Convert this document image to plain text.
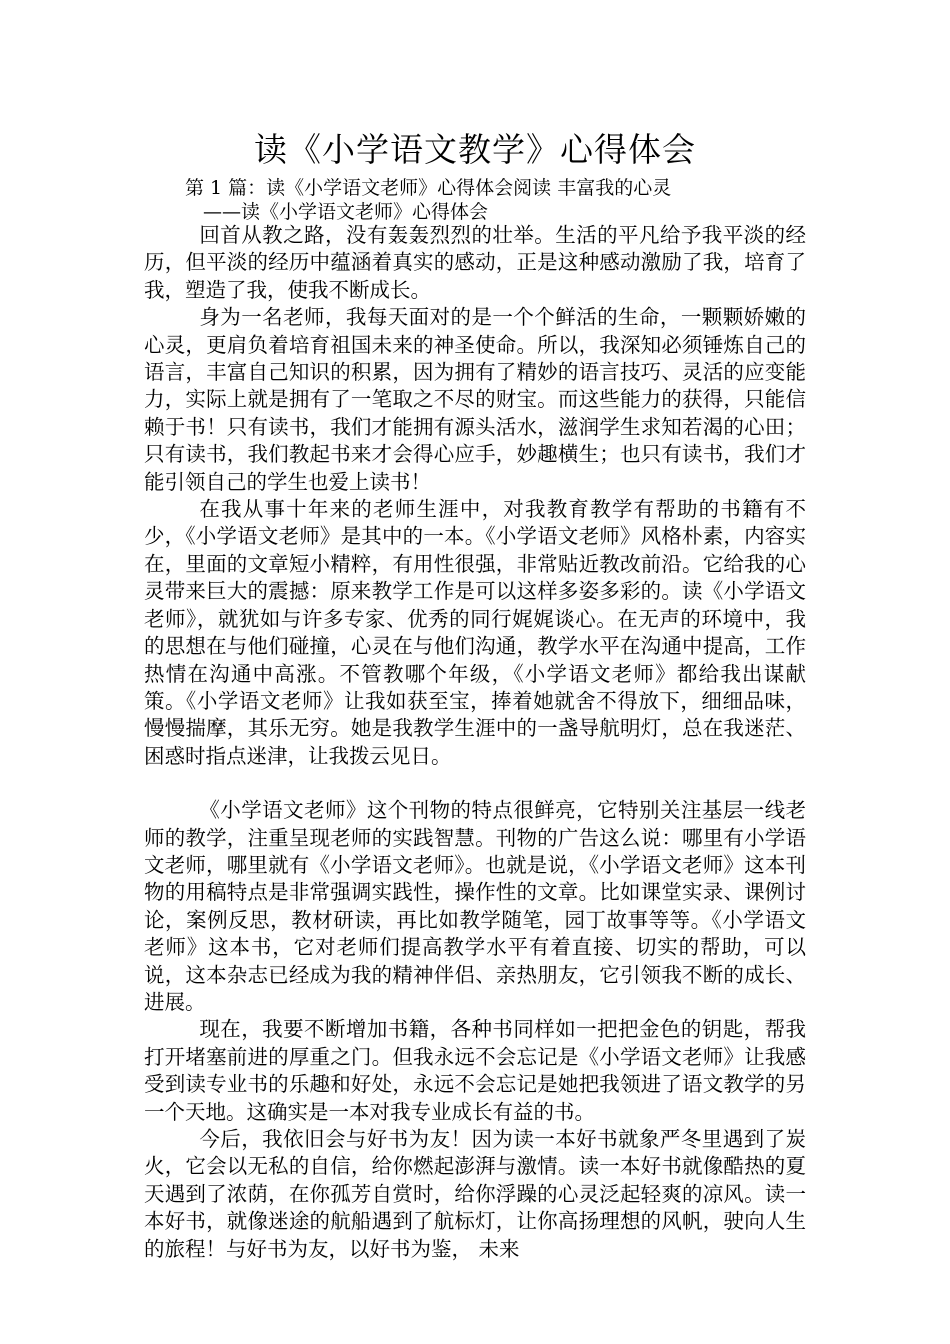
读《小学语文教学》心得体会
第 1 篇：读《小学语文老师》心得体会阅读 丰富我的心灵
——读《小学语文老师》心得体会

回首从教之路，没有轰轰烈烈的壮举。生活的平凡给予我平淡的经历，但平淡的经历中蕴涵着真实的感动，正是这种感动激励了我，培育了我，塑造了我，使我不断成长。

身为一名老师，我每天面对的是一个个鲜活的生命，一颗颗娇嫩的心灵，更肩负着培育祖国未来的神圣使命。所以，我深知必须锤炼自己的语言，丰富自己知识的积累，因为拥有了精妙的语言技巧、灵活的应变能力，实际上就是拥有了一笔取之不尽的财宝。而这些能力的获得，只能信赖于书！只有读书，我们才能拥有源头活水，滋润学生求知若渴的心田；只有读书，我们教起书来才会得心应手，妙趣横生；也只有读书，我们才能引领自己的学生也爱上读书！

在我从事十年来的老师生涯中，对我教育教学有帮助的书籍有不少，《小学语文老师》是其中的一本。《小学语文老师》风格朴素，内容实在，里面的文章短小精粹，有用性很强，非常贴近教改前沿。它给我的心灵带来巨大的震撼：原来教学工作是可以这样多姿多彩的。读《小学语文老师》，就犹如与许多专家、优秀的同行娓娓谈心。在无声的环境中，我的思想在与他们碰撞，心灵在与他们沟通，教学水平在沟通中提高，工作热情在沟通中高涨。不管教哪个年级，《小学语文老师》都给我出谋献策。《小学语文老师》让我如获至宝，捧着她就舍不得放下，细细品味，慢慢揣摩，其乐无穷。她是我教学生涯中的一盏导航明灯，总在我迷茫、困惑时指点迷津，让我拨云见日。

《小学语文老师》这个刊物的特点很鲜亮，它特别关注基层一线老师的教学，注重呈现老师的实践智慧。刊物的广告这么说：哪里有小学语文老师，哪里就有《小学语文老师》。也就是说，《小学语文老师》这本刊物的用稿特点是非常强调实践性，操作性的文章。比如课堂实录、课例讨论，案例反思，教材研读，再比如教学随笔，园丁故事等等。《小学语文老师》这本书，它对老师们提高教学水平有着直接、切实的帮助，可以说，这本杂志已经成为我的精神伴侣、亲热朋友，它引领我不断的成长、进展。

现在，我要不断增加书籍，各种书同样如一把把金色的钥匙，帮我打开堵塞前进的厚重之门。但我永远不会忘记是《小学语文老师》让我感受到读专业书的乐趣和好处，永远不会忘记是她把我领进了语文教学的另一个天地。这确实是一本对我专业成长有益的书。

今后，我依旧会与好书为友！因为读一本好书就象严冬里遇到了炭火，它会以无私的自信，给你燃起澎湃与激情。读一本好书就像酷热的夏天遇到了浓荫，在你孤芳自赏时，给你浮躁的心灵泛起轻爽的凉风。读一本好书，就像迷途的航船遇到了航标灯，让你高扬理想的风帆，驶向人生的旅程！与好书为友，以好书为鉴， 未来
